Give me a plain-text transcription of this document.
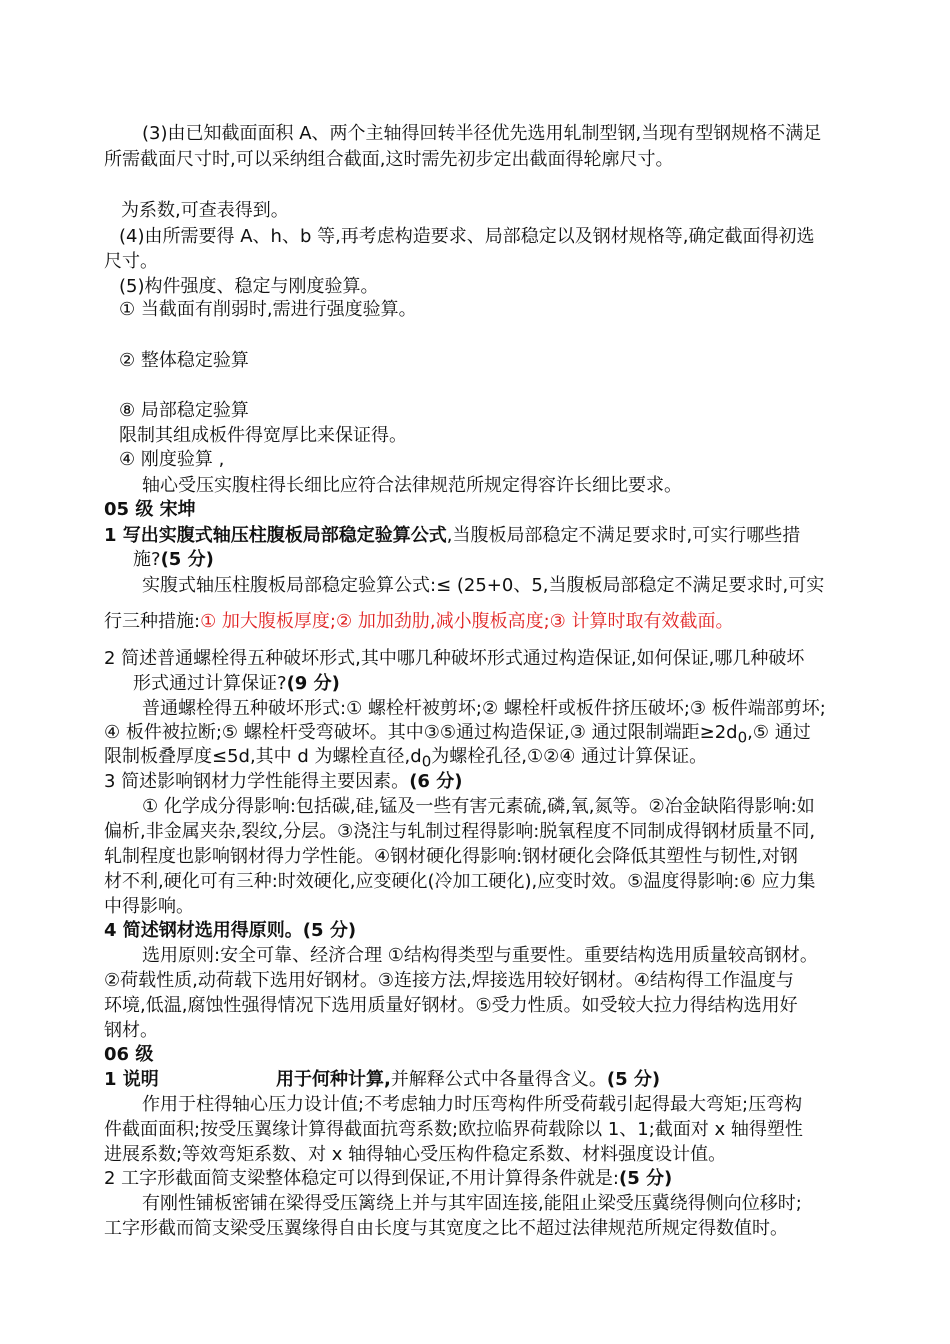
(3)由已知截面面积 A、两个主轴得回转半径优先选用轧制型钢,当现有型钢规格不满足
所需截面尺寸时,可以采纳组合截面,这时需先初步定出截面得轮廓尺寸。
为系数,可查表得到。
(4)由所需要得 A、h、b 等,再考虑构造要求、局部稳定以及钢材规格等,确定截面得初选
尺寸。
(5)构件强度、稳定与刚度验算。
① 当截面有削弱时,需进行强度验算。
② 整体稳定验算
⑧ 局部稳定验算
限制其组成板件得宽厚比来保证得。
④ 刚度验算 ,
轴心受压实腹柱得长细比应符合法律规范所规定得容许长细比要求。
05 级 宋坤
1 写出实腹式轴压柱腹板局部稳定验算公式,当腹板局部稳定不满足要求时,可实行哪些措
施?(5 分)
实腹式轴压柱腹板局部稳定验算公式:≤ (25+0、5,当腹板局部稳定不满足要求时,可实
行三种措施:① 加大腹板厚度;② 加加劲肋,减小腹板高度;③ 计算时取有效截面。
2 简述普通螺栓得五种破坏形式,其中哪几种破坏形式通过构造保证,如何保证,哪几种破坏
形式通过计算保证?(9 分)
普通螺栓得五种破坏形式:① 螺栓杆被剪坏;② 螺栓杆或板件挤压破坏;③ 板件端部剪坏;
④ 板件被拉断;⑤ 螺栓杆受弯破坏。其中③⑤通过构造保证,③ 通过限制端距$\ge 2d_0,⑤$ 通过
限制板叠厚度≤5d,其中 d 为螺栓直径$,d_0$为螺栓孔径,①②④ 通过计算保证。
3 简述影响钢材力学性能得主要因素。(6 分)
① 化学成分得影响:包括碳,硅,锰及一些有害元素硫,磷,氧,氮等。②冶金缺陷得影响:如
偏析,非金属夹杂,裂纹,分层。③浇注与轧制过程得影响:脱氧程度不同制成得钢材质量不同,
轧制程度也影响钢材得力学性能。④钢材硬化得影响:钢材硬化会降低其塑性与韧性,对钢
材不利,硬化可有三种:时效硬化,应变硬化(冷加工硬化),应变时效。⑤温度得影响:⑥ 应力集
中得影响。
4 简述钢材选用得原则。(5 分)
选用原则:安全可靠、经济合理 ①结构得类型与重要性。重要结构选用质量较高钢材。
②荷载性质,动荷载下选用好钢材。③连接方法,焊接选用较好钢材。④结构得工作温度与
环境,低温,腐蚀性强得情况下选用质量好钢材。⑤受力性质。如受较大拉力得结构选用好
钢材。
06 级
1 说明	用于何种计算,并解释公式中各量得含义。(5 分)
作用于柱得轴心压力设计值;不考虑轴力时压弯构件所受荷载引起得最大弯矩;压弯构
件截面面积;按受压翼缘计算得截面抗弯系数;欧拉临界荷载除以 1、1;截面对 x 轴得塑性
进展系数;等效弯矩系数、对 x 轴得轴心受压构件稳定系数、材料强度设计值。
2 工字形截面简支梁整体稳定可以得到保证,不用计算得条件就是:(5 分)
有刚性铺板密铺在梁得受压篱绕上并与其牢固连接,能阻止梁受压冀绕得侧向位移时;
工字形截而简支梁受压翼缘得自由长度与其宽度之比不超过法律规范所规定得数值时。
